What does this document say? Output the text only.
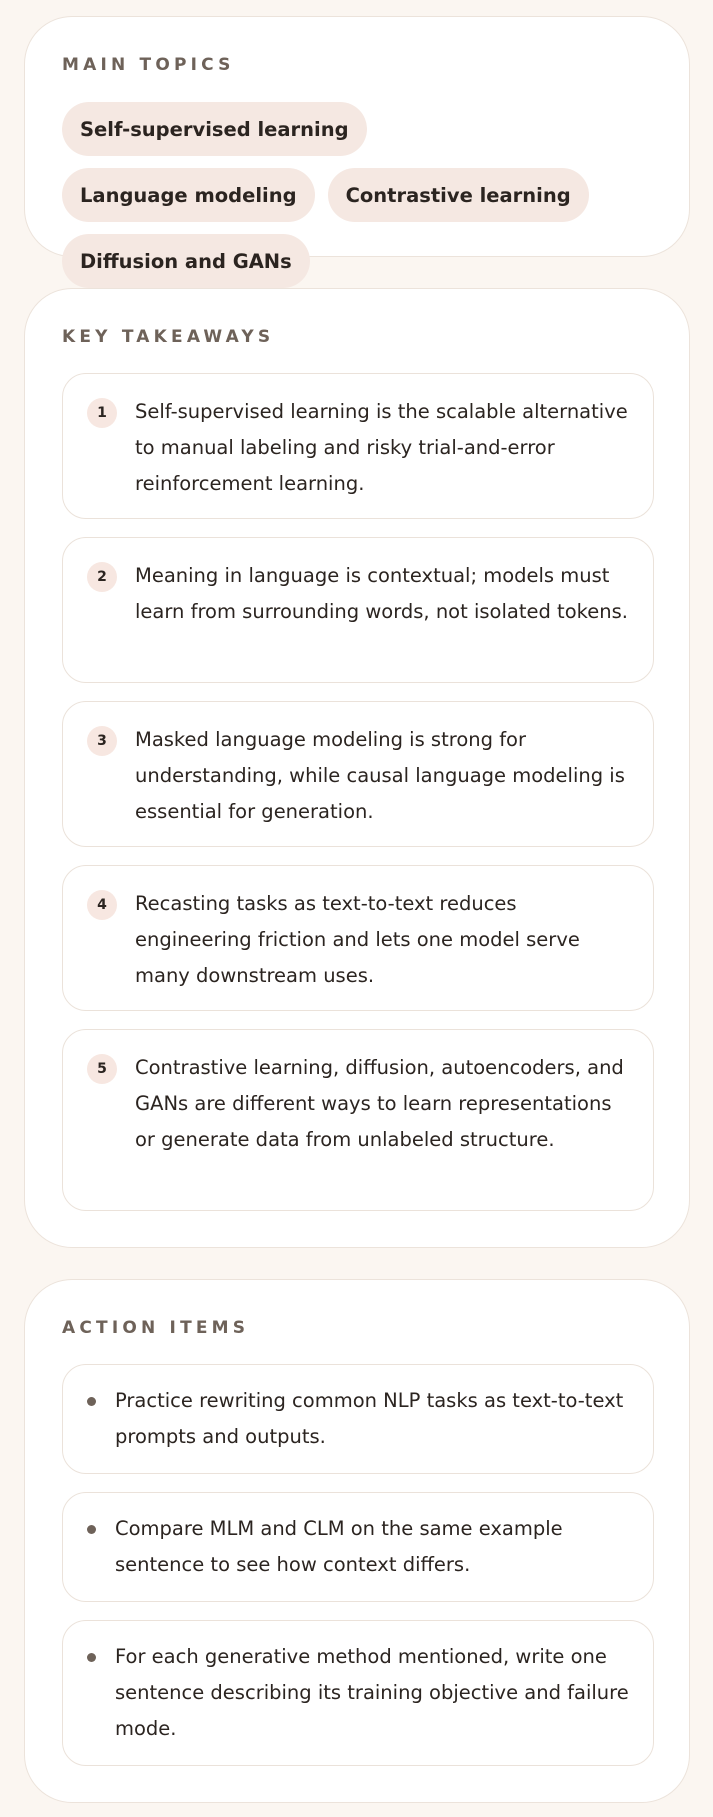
MAIN TOPICS
Self-supervised learning
Language modeling	Contrastive learning
Diffusion and GANs
KEY TAKEAWAYS
1	Self-supervised learning is the scalable alternative to manual labeling and risky trial-and-error reinforcement learning.

2	Meaning in language is contextual; models must learn from surrounding words, not isolated tokens.

3	Masked language modeling is strong for understanding, while causal language modeling is essential for generation.

4	Recasting tasks as text-to-text reduces engineering friction and lets one model serve many downstream uses.

5	Contrastive learning, diffusion, autoencoders, and GANs are different ways to learn representations or generate data from unlabeled structure.

ACTION ITEMS

Practice rewriting common NLP tasks as text-to-text prompts and outputs.

Compare MLM and CLM on the same example sentence to see how context differs.

For each generative method mentioned, write one sentence describing its training objective and failure mode.
